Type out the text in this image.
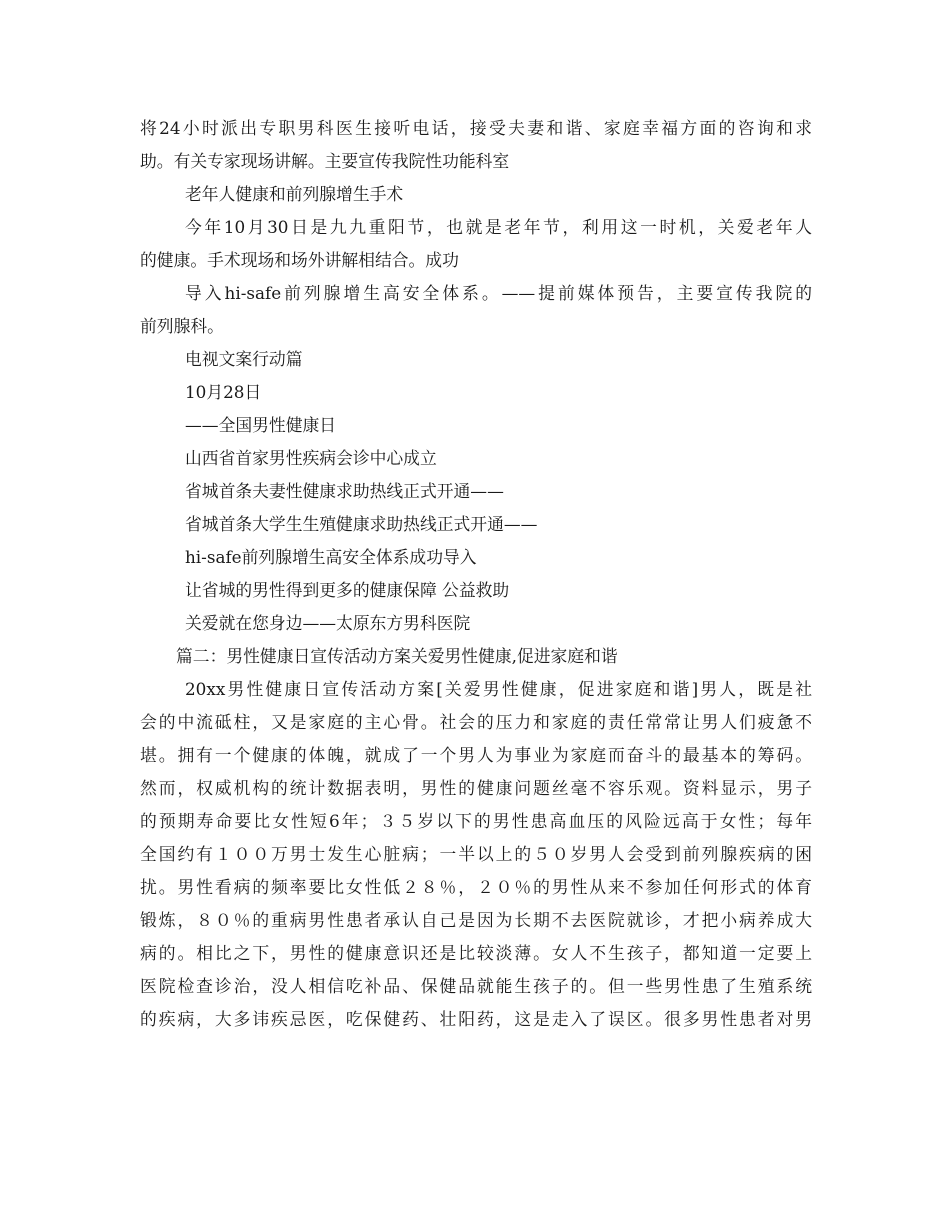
将24小时派出专职男科医生接听电话，接受夫妻和谐、家庭幸福方面的咨询和求
助。有关专家现场讲解。主要宣传我院性功能科室
老年人健康和前列腺增生手术
今年10月30日是九九重阳节，也就是老年节，利用这一时机，关爱老年人
的健康。手术现场和场外讲解相结合。成功
导入hi-safe前列腺增生高安全体系。——提前媒体预告，主要宣传我院的
前列腺科。
电视文案行动篇
10月28日
——全国男性健康日
山西省首家男性疾病会诊中心成立
省城首条夫妻性健康求助热线正式开通——
省城首条大学生生殖健康求助热线正式开通——
hi-safe前列腺增生高安全体系成功导入
让省城的男性得到更多的健康保障 公益救助
关爱就在您身边——太原东方男科医院
篇二：男性健康日宣传活动方案关爱男性健康,促进家庭和谐
20xx男性健康日宣传活动方案[关爱男性健康，促进家庭和谐]男人，既是社
会的中流砥柱，又是家庭的主心骨。社会的压力和家庭的责任常常让男人们疲惫不
堪。拥有一个健康的体魄，就成了一个男人为事业为家庭而奋斗的最基本的筹码。
然而，权威机构的统计数据表明，男性的健康问题丝毫不容乐观。资料显示，男子
的预期寿命要比女性短6年；３５岁以下的男性患高血压的风险远高于女性；每年
全国约有１００万男士发生心脏病；一半以上的５０岁男人会受到前列腺疾病的困
扰。男性看病的频率要比女性低２８％，２０％的男性从来不参加任何形式的体育
锻炼，８０％的重病男性患者承认自己是因为长期不去医院就诊，才把小病养成大
病的。相比之下，男性的健康意识还是比较淡薄。女人不生孩子，都知道一定要上
医院检查诊治，没人相信吃补品、保健品就能生孩子的。但一些男性患了生殖系统
的疾病，大多讳疾忌医，吃保健药、壮阳药，这是走入了误区。很多男性患者对男
